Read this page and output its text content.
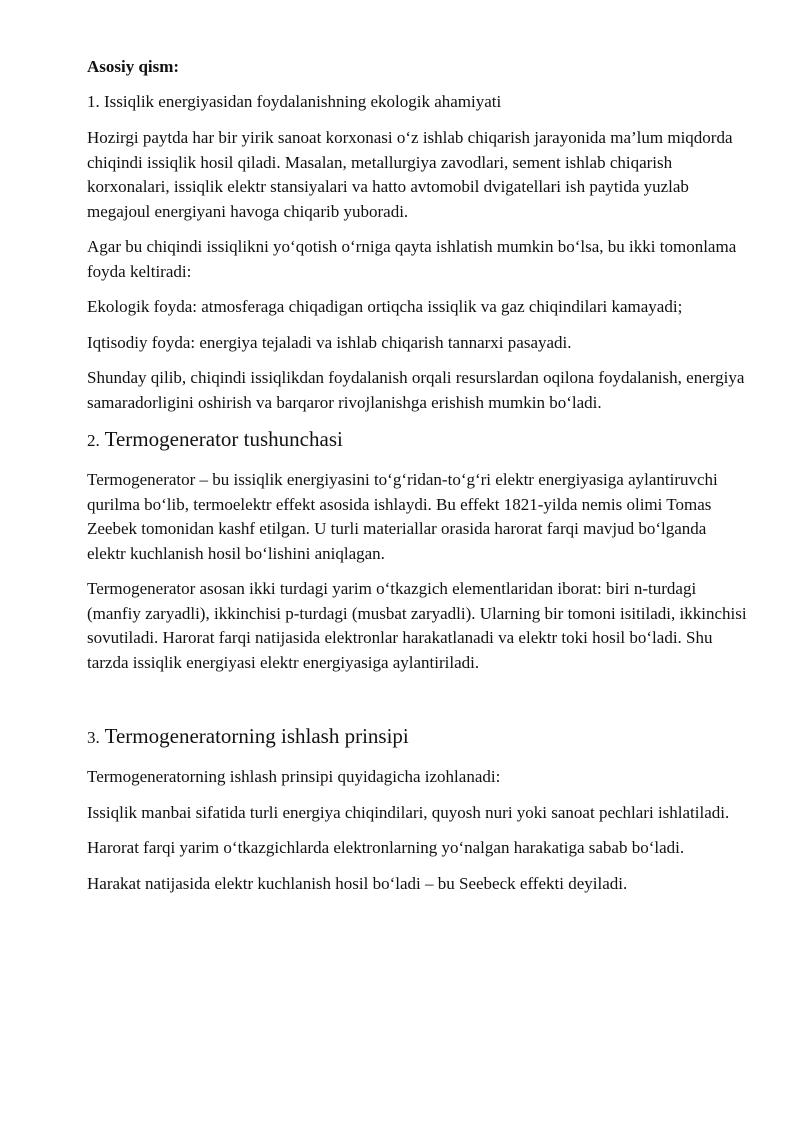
Asosiy qism:
1. Issiqlik energiyasidan foydalanishning ekologik ahamiyati

Hozirgi paytda har bir yirik sanoat korxonasi o‘z ishlab chiqarish jarayonida ma’lum miqdorda chiqindi issiqlik hosil qiladi. Masalan, metallurgiya zavodlari, sement ishlab chiqarish korxonalari, issiqlik elektr stansiyalari va hatto avtomobil dvigatellari ish paytida yuzlab megajoul energiyani havoga chiqarib yuboradi.

Agar bu chiqindi issiqlikni yo‘qotish o‘rniga qayta ishlatish mumkin bo‘lsa, bu ikki tomonlama foyda keltiradi:

Ekologik foyda: atmosferaga chiqadigan ortiqcha issiqlik va gaz chiqindilari kamayadi;

Iqtisodiy foyda: energiya tejaladi va ishlab chiqarish tannarxi pasayadi.

Shunday qilib, chiqindi issiqlikdan foydalanish orqali resurslardan oqilona foydalanish, energiya samaradorligini oshirish va barqaror rivojlanishga erishish mumkin bo‘ladi.

2. Termogenerator tushunchasi

Termogenerator – bu issiqlik energiyasini to‘g‘ridan-to‘g‘ri elektr energiyasiga aylantiruvchi qurilma bo‘lib, termoelektr effekt asosida ishlaydi. Bu effekt 1821-yilda nemis olimi Tomas Zeebek tomonidan kashf etilgan. U turli materiallar orasida harorat farqi mavjud bo‘lganda elektr kuchlanish hosil bo‘lishini aniqlagan.

Termogenerator asosan ikki turdagi yarim o‘tkazgich elementlaridan iborat: biri n-turdagi (manfiy zaryadli), ikkinchisi p-turdagi (musbat zaryadli). Ularning bir tomoni isitiladi, ikkinchisi sovutiladi. Harorat farqi natijasida elektronlar harakatlanadi va elektr toki hosil bo‘ladi. Shu tarzda issiqlik energiyasi elektr energiyasiga aylantiriladi.

3. Termogeneratorning ishlash prinsipi

Termogeneratorning ishlash prinsipi quyidagicha izohlanadi:

Issiqlik manbai sifatida turli energiya chiqindilari, quyosh nuri yoki sanoat pechlari ishlatiladi.

Harorat farqi yarim o‘tkazgichlarda elektronlarning yo‘nalgan harakatiga sabab bo‘ladi.

Harakat natijasida elektr kuchlanish hosil bo‘ladi – bu Seebeck effekti deyiladi.
